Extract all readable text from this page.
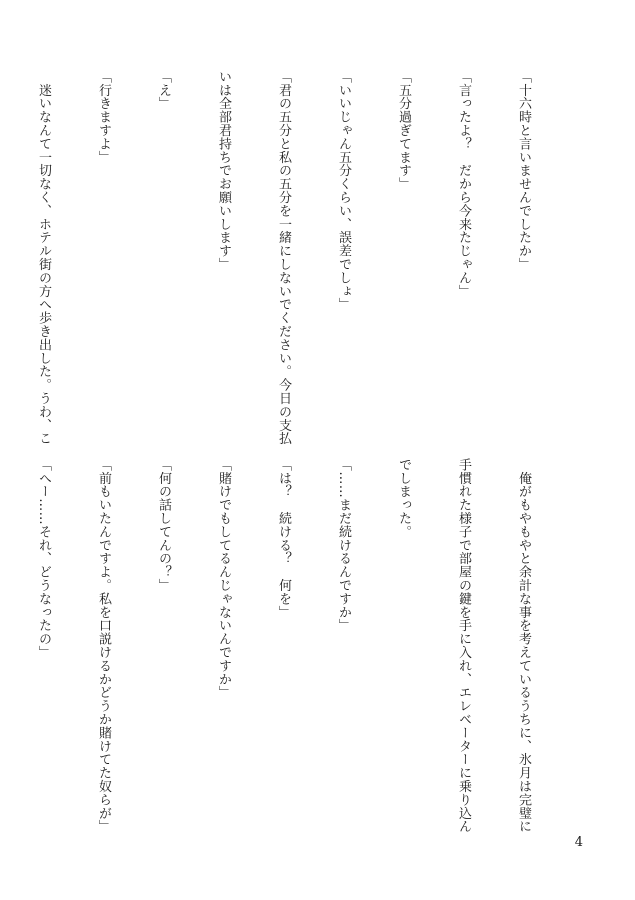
「十六時と言いませんでしたか」

「言ったよ？　だから今来たじゃん」

「五分過ぎてます」

「いいじゃん五分くらい、誤差でしょ」

「君の五分と私の五分を一緒にしないでください。今日の支払

いは全部君持ちでお願いします」

「え」

「行きますよ」

　迷いなんて一切なく、ホテル街の方へ歩き出した。うわ、こ

　俺がもやもやと余計な事を考えているうちに、氷月は完璧に

手慣れた様子で部屋の鍵を手に入れ、エレベーターに乗り込ん

でしまった。

「……まだ続けるんですか」

「は？　続ける？　何を」

「賭けでもしてるんじゃないんですか」

「何の話してんの？」

「前もいたんですよ。私を口説けるかどうか賭けてた奴らが」

「へー……それ、どうなったの」

4
